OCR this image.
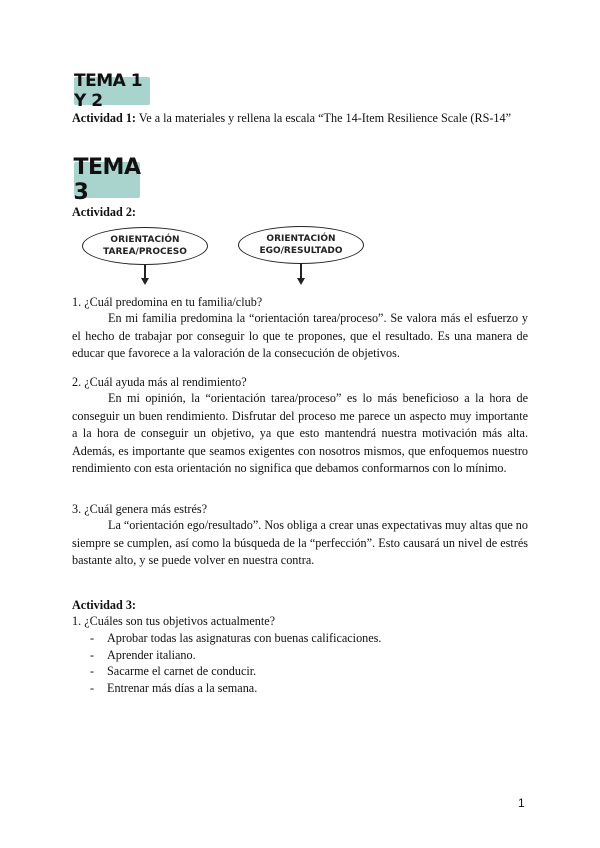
TEMA 1 Y 2
Actividad 1: Ve a la materiales y rellena la escala “The 14-Item Resilience Scale (RS-14”
TEMA 3
Actividad 2:
ORIENTACIÓN
TAREA/PROCESO
ORIENTACIÓN
EGO/RESULTADO
1. ¿Cuál predomina en tu familia/club?
En mi familia predomina la “orientación tarea/proceso”. Se valora más el esfuerzo y el hecho de trabajar por conseguir lo que te propones, que el resultado. Es una manera de educar que favorece a la valoración de la consecución de objetivos.
2. ¿Cuál ayuda más al rendimiento?
En mi opinión, la “orientación tarea/proceso” es lo más beneficioso a la hora de conseguir un buen rendimiento. Disfrutar del proceso me parece un aspecto muy importante a la hora de conseguir un objetivo, ya que esto mantendrá nuestra motivación más alta. Además, es importante que seamos exigentes con nosotros mismos, que enfoquemos nuestro rendimiento con esta orientación no significa que debamos conformarnos con lo mínimo.
3. ¿Cuál genera más estrés?
La “orientación ego/resultado”. Nos obliga a crear unas expectativas muy altas que no siempre se cumplen, así como la búsqueda de la “perfección”. Esto causará un nivel de estrés bastante alto, y se puede volver en nuestra contra.
Actividad 3:
1. ¿Cuáles son tus objetivos actualmente?
-	Aprobar todas las asignaturas con buenas calificaciones.
-	Aprender italiano.
-	Sacarme el carnet de conducir.
-	Entrenar más días a la semana.
1
